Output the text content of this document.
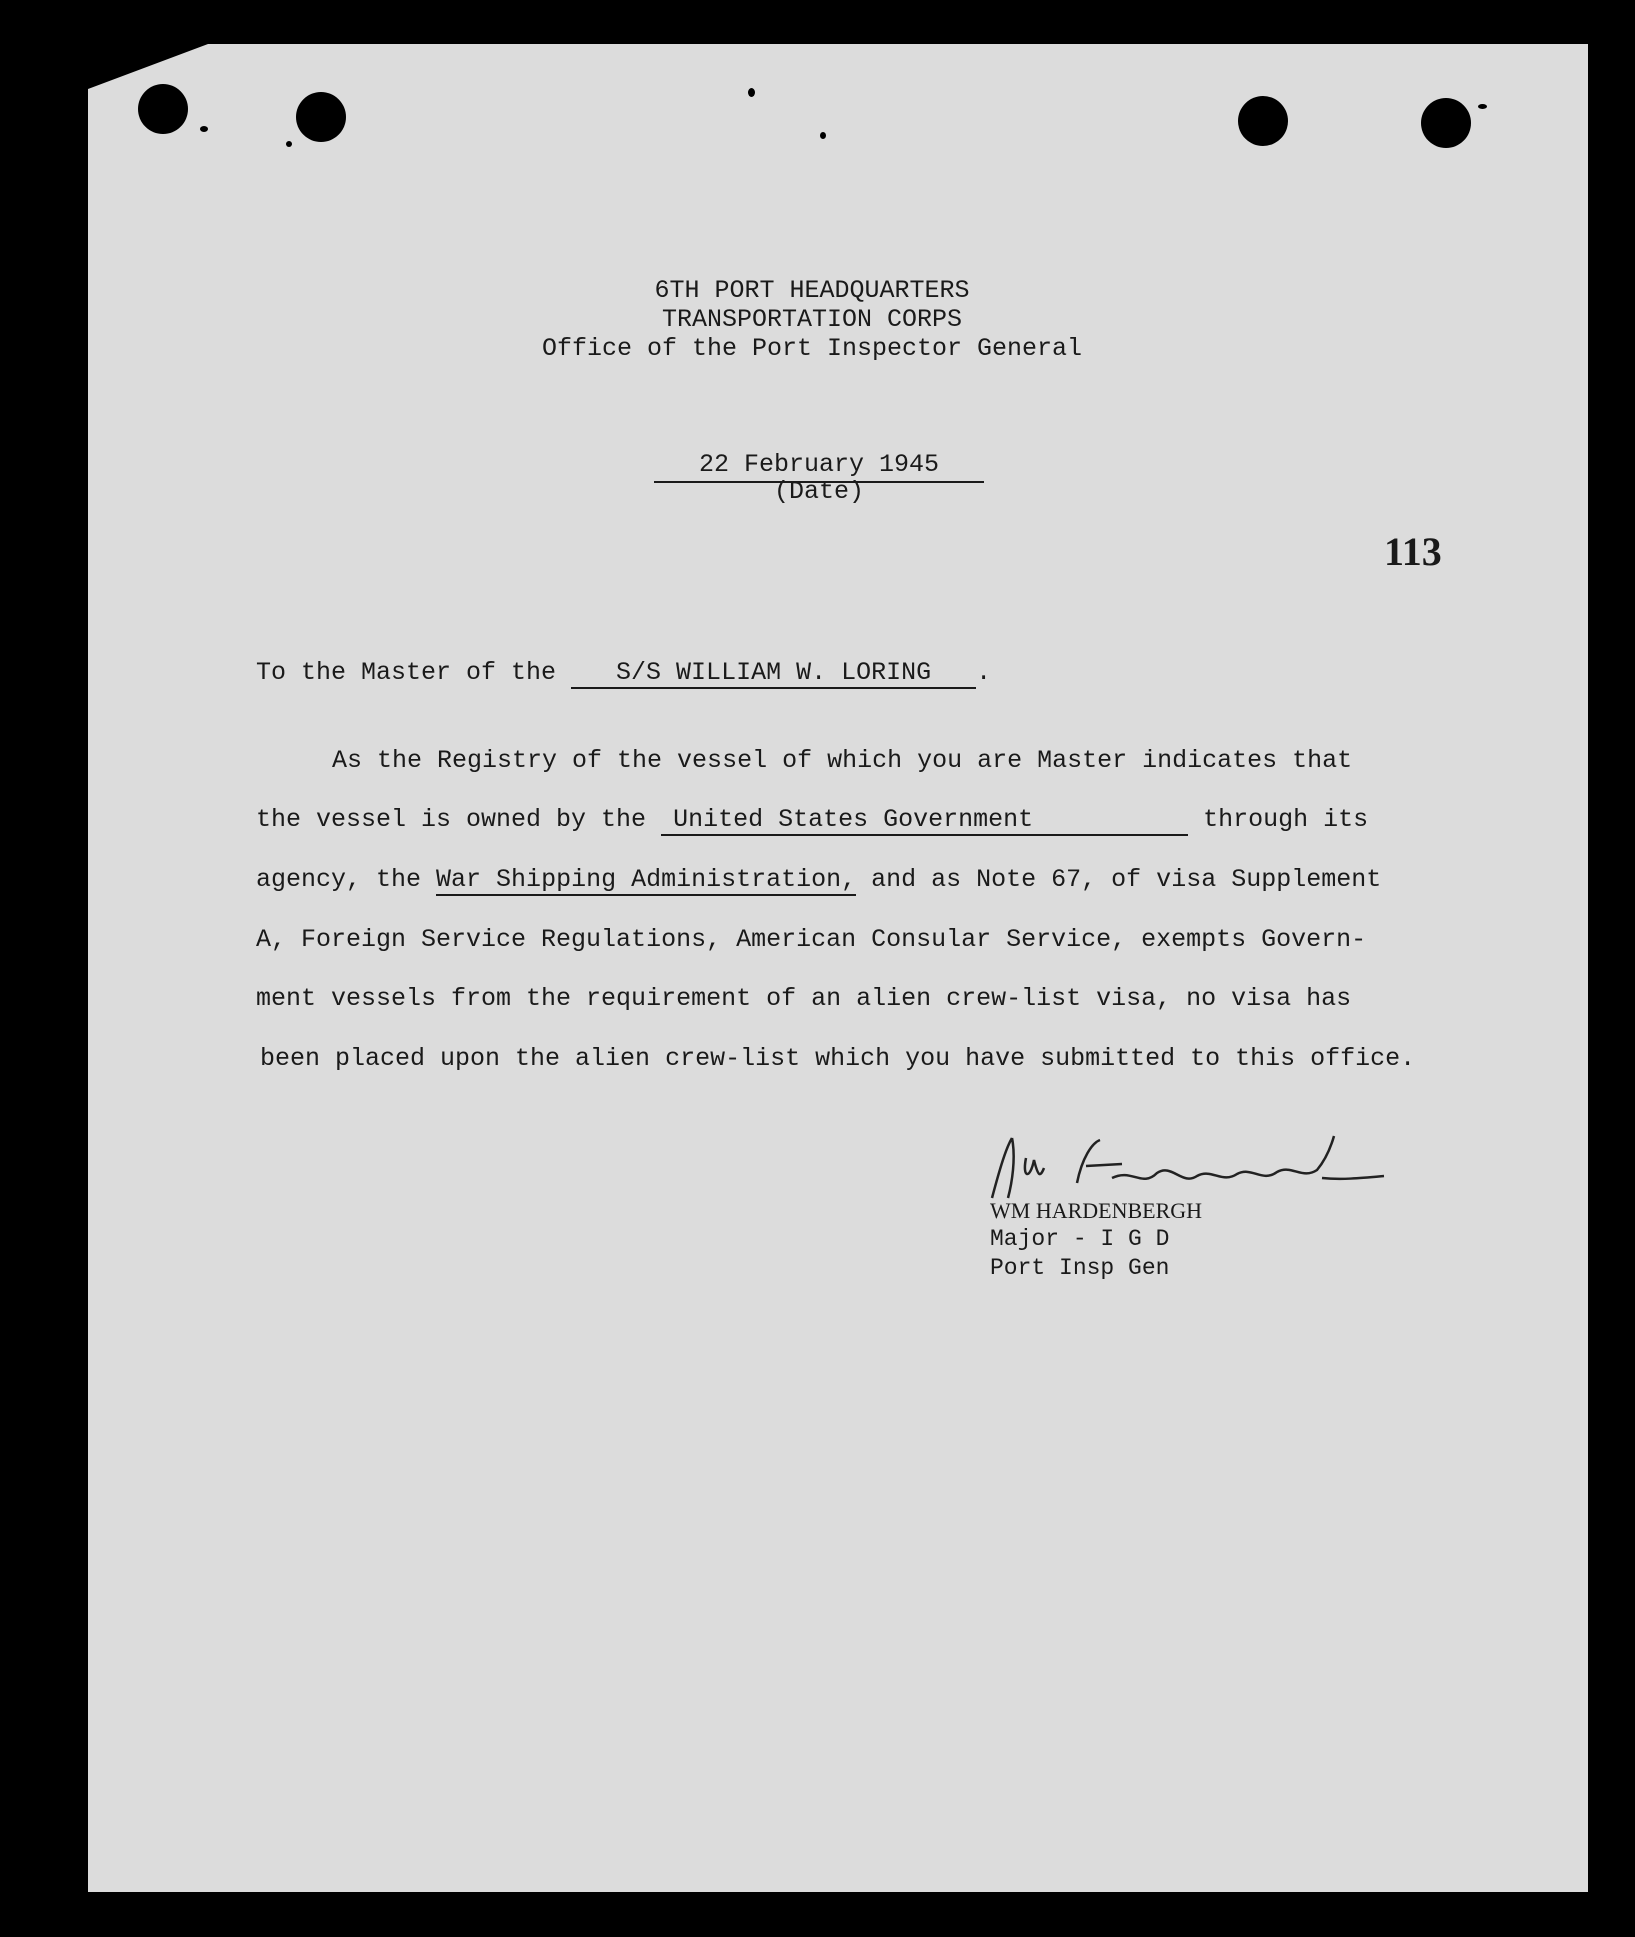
6TH PORT HEADQUARTERS
TRANSPORTATION CORPS
Office of the Port Inspector General
22 February 1945
(Date)
113
To the Master of the S/S WILLIAM W. LORING .
As the Registry of the vessel of which you are Master indicates that
the vessel is owned by the United States Government	through its
agency, the War Shipping Administration, and as Note 67, of visa Supplement
A, Foreign Service Regulations, American Consular Service, exempts Govern-
ment vessels from the requirement of an alien crew-list visa, no visa has
been placed upon the alien crew-list which you have submitted to this office.
WM HARDENBERGH
Major - I G D
Port Insp Gen
